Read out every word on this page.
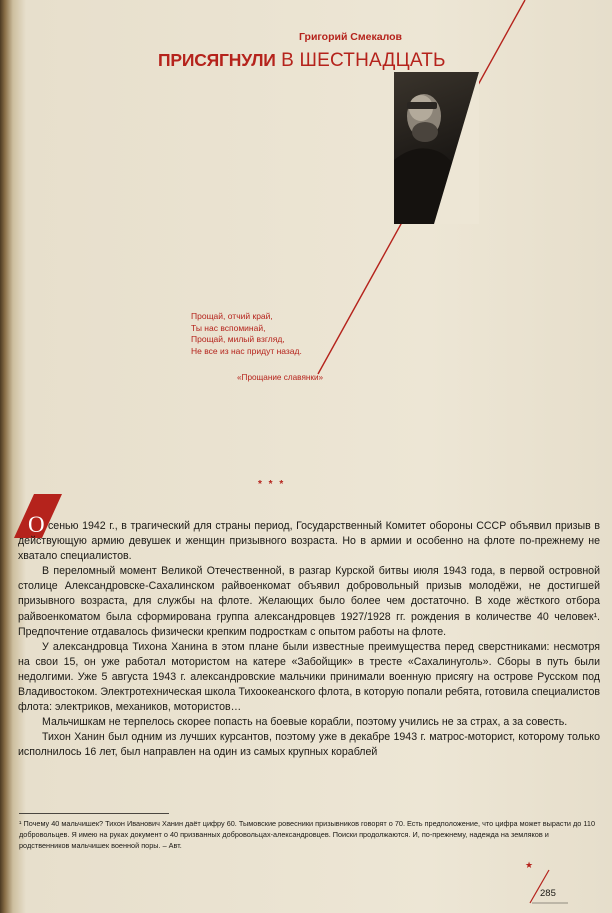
Григорий Смекалов
ПРИСЯГНУЛИ В ШЕСТНАДЦАТЬ
Прощай, отчий край,
Ты нас вспоминай,
Прощай, милый взгляд,
Не все из нас придут назад.
«Прощание славянки»
* * *
О сенью 1942 г., в трагический для страны период, Государственный Комитет обороны СССР объявил призыв в действующую армию девушек и женщин призывного возраста. Но в армии и особенно на флоте по-прежнему не хватало специалистов.

В переломный момент Великой Отечественной, в разгар Курской битвы июля 1943 года, в первой островной столице Александровске-Сахалинском райвоенкомат объявил добровольный призыв молодёжи, не достигшей призывного возраста, для службы на флоте. Желающих было более чем достаточно. В ходе жёсткого отбора райвоенкоматом была сформирована группа александровцев 1927/1928 гг. рождения в количестве 40 человек¹. Предпочтение отдавалось физически крепким подросткам с опытом работы на флоте.

У александровца Тихона Ханина в этом плане были известные преимущества перед сверстниками: несмотря на свои 15, он уже работал мотористом на катере «Забойщик» в тресте «Сахалинуголь». Сборы в путь были недолгими. Уже 5 августа 1943 г. александровские мальчики принимали военную присягу на острове Русском под Владивостоком. Электротехническая школа Тихоокеанского флота, в которую попали ребята, готовила специалистов флота: электриков, механиков, мотористов…

Мальчишкам не терпелось скорее попасть на боевые корабли, поэтому учились не за страх, а за совесть.

Тихон Ханин был одним из лучших курсантов, поэтому уже в декабре 1943 г. матрос-моторист, которому только исполнилось 16 лет, был направлен на один из самых крупных кораблей

¹ Почему 40 мальчишек? Тихон Иванович Ханин даёт цифру 60. Тымовские ровесники призывников говорят о 70. Есть предположение, что цифра может вырасти до 110 добровольцев. Я имею на руках документ о 40 призванных добровольцах-александровцев. Поиски продолжаются. И, по-прежнему, надежда на земляков и родственников мальчишек военной поры. – Авт.
★
285
